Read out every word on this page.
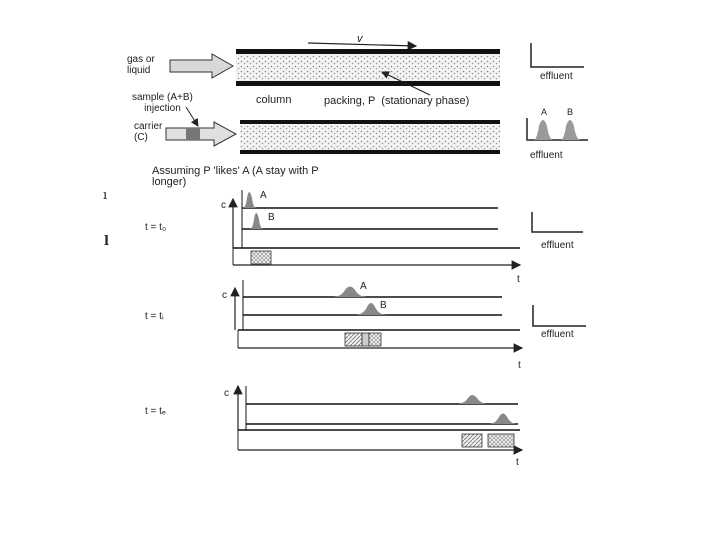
v
gas or
liquid
column	packing, P  (stationary phase)
effluent
sample (A+B)
injection
carrier
(C)
A B
effluent
Assuming P 'likes' A (A stay with P
longer)
ı
l
t = t₀
c
A
B
t
effluent
t = tᵢ
c
A
B
t
effluent
t = tₑ
c
t
